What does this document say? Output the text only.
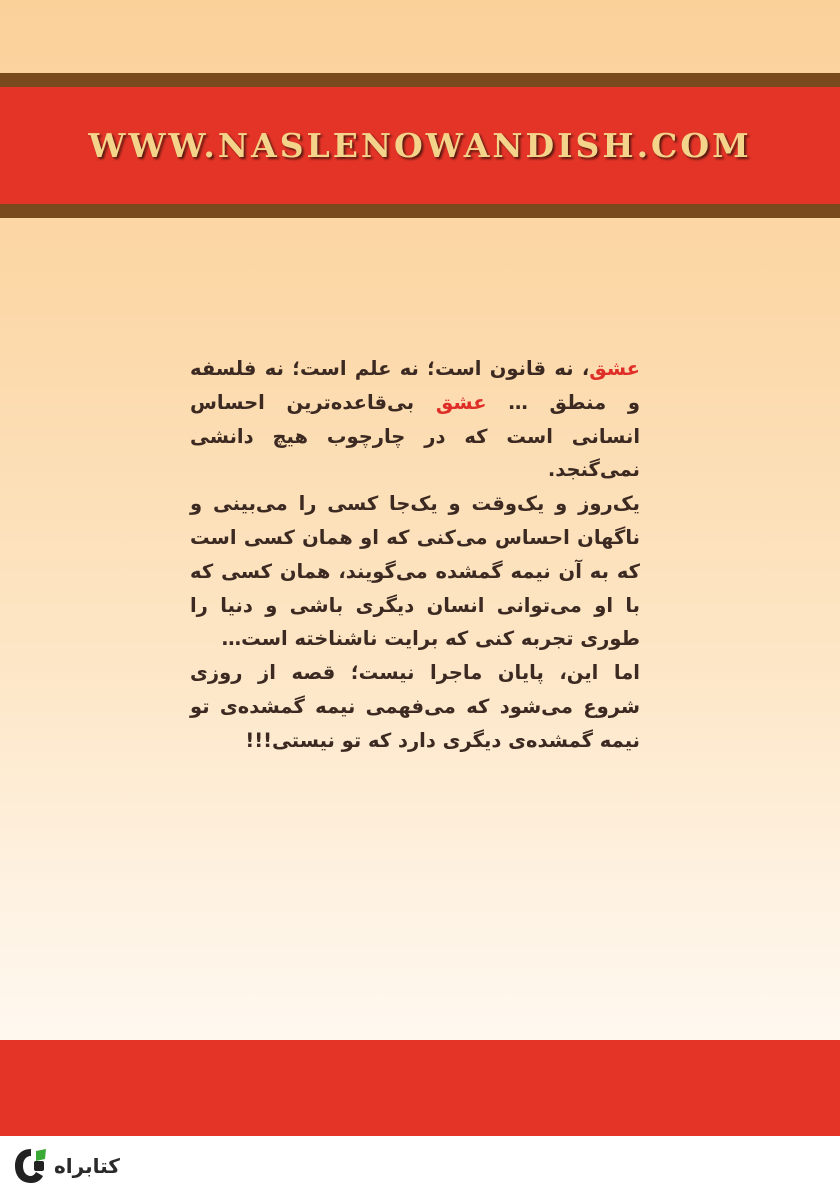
WWW.NASLENOWANDISH.COM

عشق، نه قانون است؛ نه علم است؛ نه فلسفه و منطق … عشق بی‌قاعده‌ترین احساس انسانی است که در چارچوب هیچ دانشی نمی‌گنجد.

یک‌روز و یک‌وقت و یک‌جا کسی را می‌بینی و ناگهان احساس می‌کنی که او همان کسی است که به آن نیمه گمشده می‌گویند، همان کسی که با او می‌توانی انسان دیگری باشی و دنیا را طوری تجربه کنی که برایت ناشناخته است…

اما این، پایان ماجرا نیست؛ قصه از روزی شروع می‌شود که می‌فهمی نیمه گمشده‌ی تو نیمه گمشده‌ی دیگری دارد که تو نیستی!!!

کتابراه
